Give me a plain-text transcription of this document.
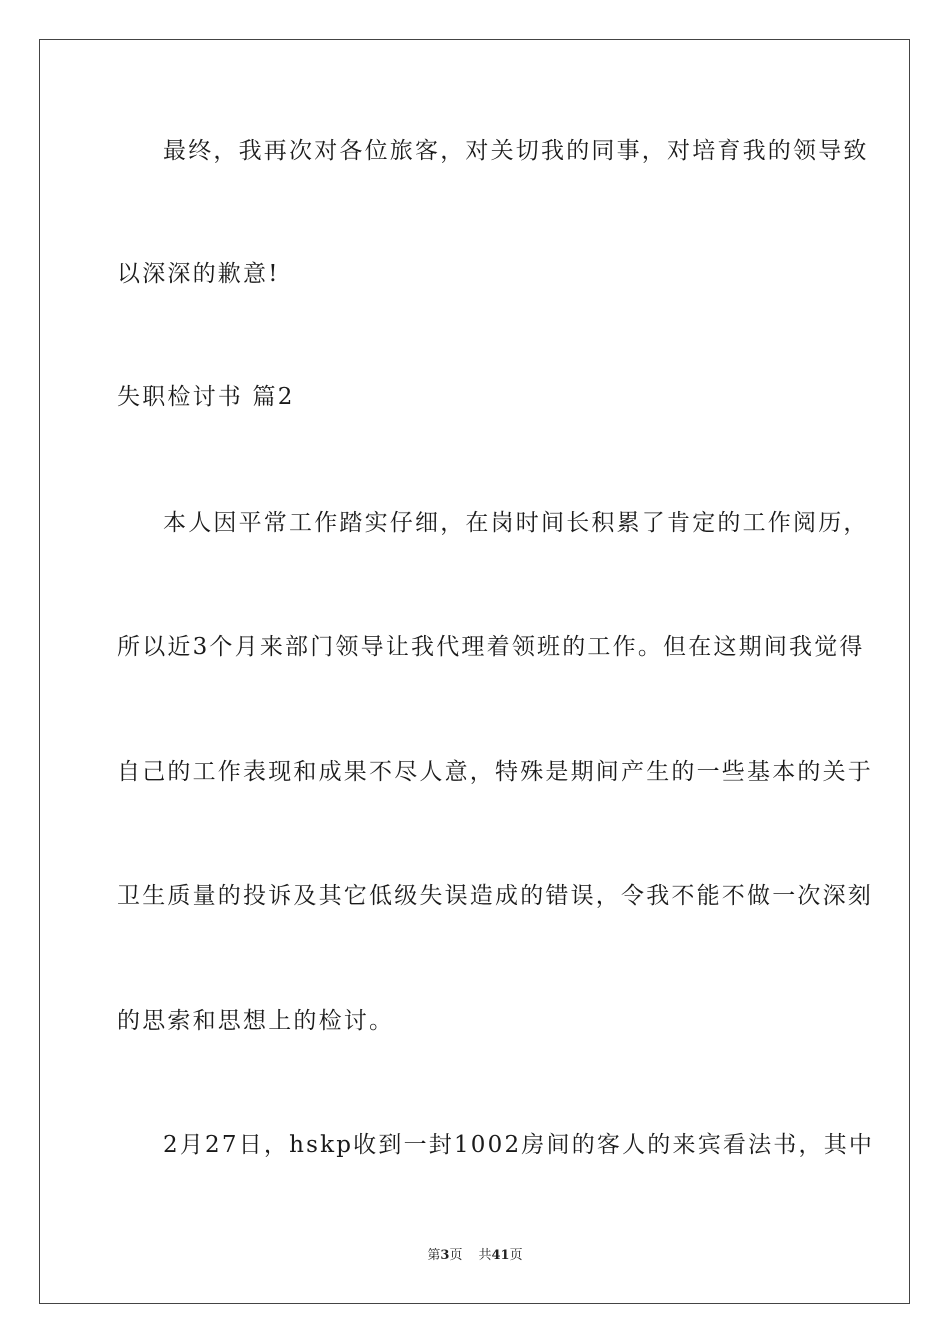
最终，我再次对各位旅客，对关切我的同事，对培育我的领导致
以深深的歉意!
失职检讨书 篇2
本人因平常工作踏实仔细，在岗时间长积累了肯定的工作阅历，
所以近3个月来部门领导让我代理着领班的工作。但在这期间我觉得
自己的工作表现和成果不尽人意，特殊是期间产生的一些基本的关于
卫生质量的投诉及其它低级失误造成的错误，令我不能不做一次深刻
的思索和思想上的检讨。
2月27日，hskp收到一封1002房间的客人的来宾看法书，其中
第3页 共41页
